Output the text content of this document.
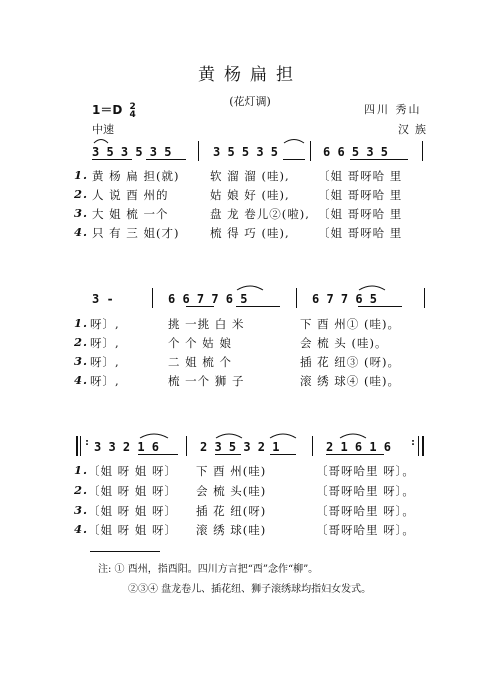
黄杨扁担
(花灯调)
1＝D 2
4
中速
四川 秀山
汉族
3 5 3 5 3 5	3 5 5 3 5	6 6 5 3 5
1. 黄 杨 扁 担(就)	软 溜 溜 (哇), 〔姐 哥呀哈 里
2. 人 说 酉 州的	姑 娘 好 (哇), 〔姐 哥呀哈 里
3. 大 姐 梳 一个	盘 龙 卷儿②(啦), 〔姐 哥呀哈 里
4. 只 有 三 姐(才)	梳 得 巧 (哇), 〔姐 哥呀哈 里
3 -	6 6 7 7 6 5	6 7 7 6 5
1. 呀〕,	挑 一挑 白 米	下 酉 州① (哇)。
2. 呀〕,	个 个 姑 娘	会 梳 头 (哇)。
3. 呀〕,	二 姐 梳 个	插 花 纽③ (呀)。
4. 呀〕,	梳 一个 狮 子	滚 绣 球④ (哇)。
: 3 3 2 1 6	2 3 5 3 2 1	2 1 6 1 6 :
1. 〔姐 呀 姐 呀〕 下 酉 州(哇)	〔哥呀哈里 呀〕。
2. 〔姐 呀 姐 呀〕 会 梳 头(哇)	〔哥呀哈里 呀〕。
3. 〔姐 呀 姐 呀〕 插 花 纽(呀)	〔哥呀哈里 呀〕。
4. 〔姐 呀 姐 呀〕 滚 绣 球(哇)	〔哥呀哈里 呀〕。
注: ① 酉州，指酉阳。四川方言把“酉”念作“柳”。
②③④ 盘龙卷儿、插花纽、狮子滚绣球均指妇女发式。
